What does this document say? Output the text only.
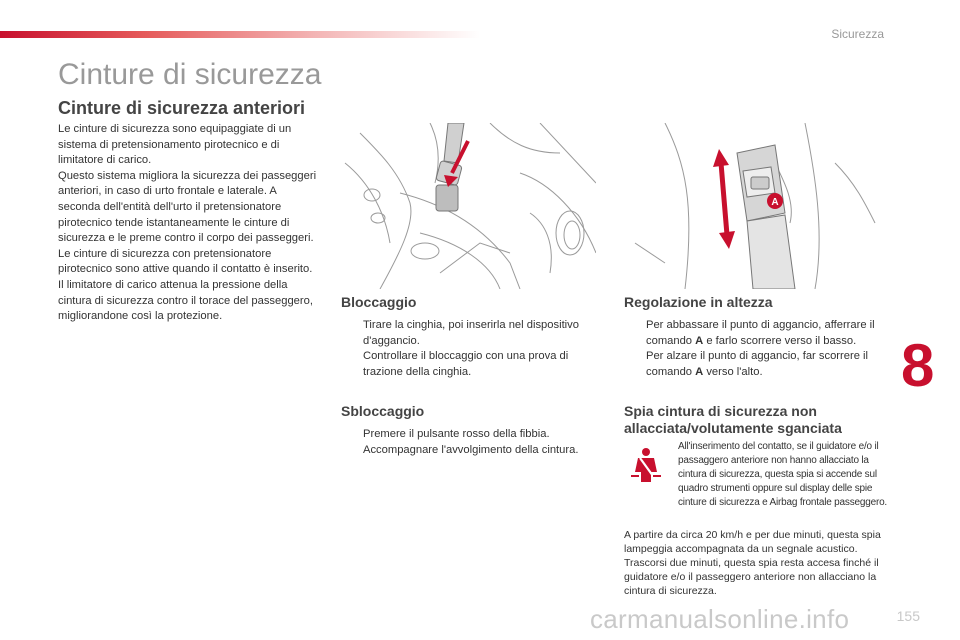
Sicurezza
8
Cinture di sicurezza
Cinture di sicurezza anteriori

Le cinture di sicurezza sono equipaggiate di un sistema di pretensionamento pirotecnico e di limitatore di carico.

Questo sistema migliora la sicurezza dei passeggeri anteriori, in caso di urto frontale e laterale. A seconda dell'entità dell'urto il pretensionatore pirotecnico tende istantaneamente le cinture di sicurezza e le preme contro il corpo dei passeggeri.

Le cinture di sicurezza con pretensionatore pirotecnico sono attive quando il contatto è inserito.

Il limitatore di carico attenua la pressione della cintura di sicurezza contro il torace del passeggero, migliorandone così la protezione.

A
Bloccaggio
Tirare la cinghia, poi inserirla nel dispositivo d'aggancio.
Controllare il bloccaggio con una prova di trazione della cinghia.
Sbloccaggio
Premere il pulsante rosso della fibbia.
Accompagnare l'avvolgimento della cintura.
Regolazione in altezza
Per abbassare il punto di aggancio, afferrare il comando A e farlo scorrere verso il basso.
Per alzare il punto di aggancio, far scorrere il comando A verso l'alto.
Spia cintura di sicurezza non allacciata/volutamente sganciata

All'inserimento del contatto, se il guidatore e/o il passaggero anteriore non hanno allacciato la cintura di sicurezza, questa spia si accende sul quadro strumenti oppure sul display delle spie cinture di sicurezza e Airbag frontale passeggero.

A partire da circa 20 km/h e per due minuti, questa spia lampeggia accompagnata da un segnale acustico. Trascorsi due minuti, questa spia resta accesa finché il guidatore e/o il passeggero anteriore non allacciano la cintura di sicurezza.

carmanualsonline.info	155
